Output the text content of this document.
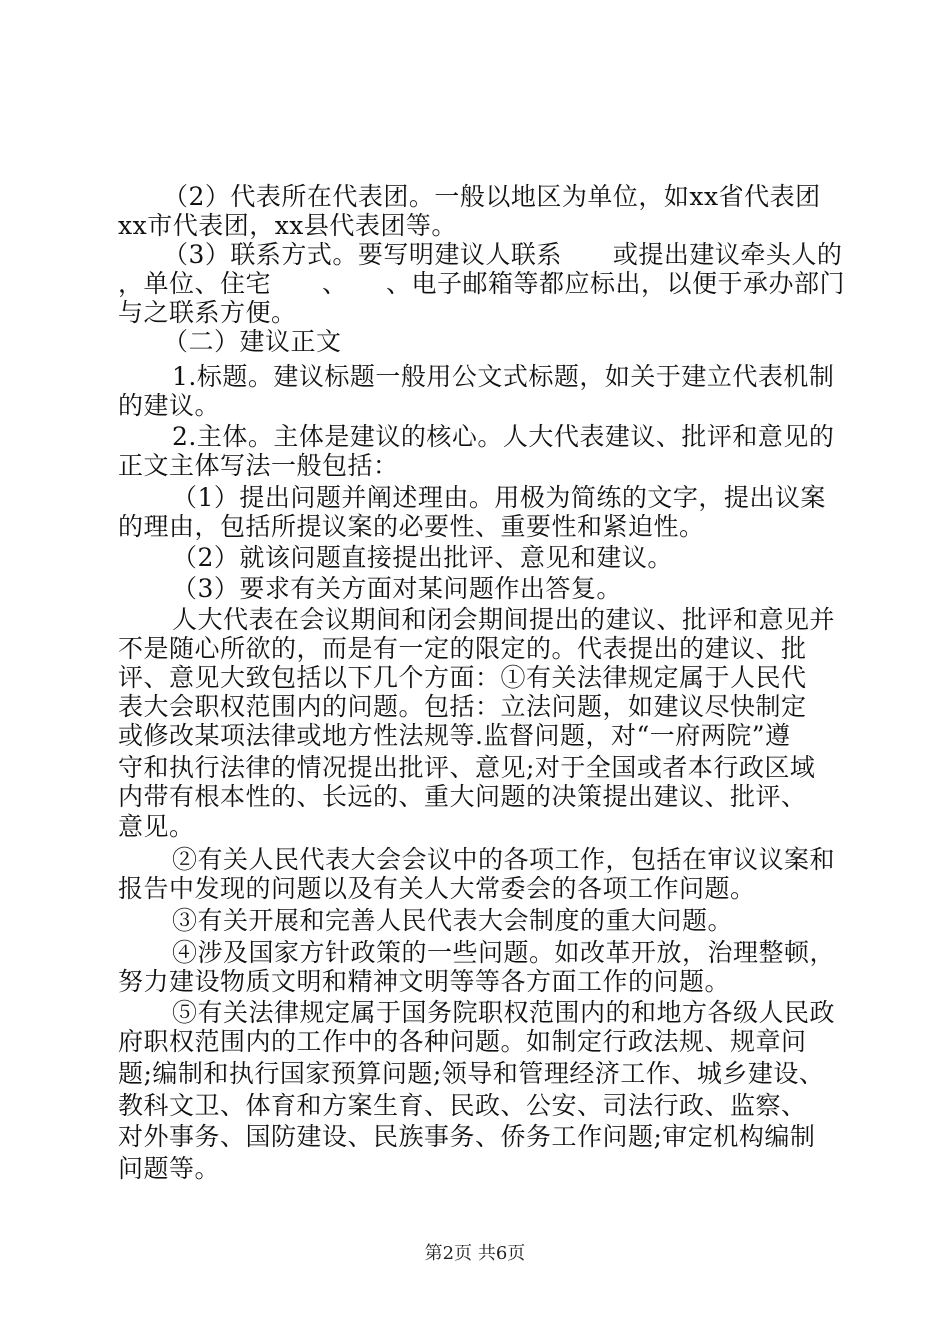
（2）代表所在代表团。一般以地区为单位，如xx省代表团
xx市代表团，xx县代表团等。
（3）联系方式。要写明建议人联系　　或提出建议牵头人的
，单位、住宅　　、　　、电子邮箱等都应标出，以便于承办部门
与之联系方便。
（二）建议正文
1.标题。建议标题一般用公文式标题，如关于建立代表机制
的建议。
2.主体。主体是建议的核心。人大代表建议、批评和意见的
正文主体写法一般包括：
（1）提出问题并阐述理由。用极为简练的文字，提出议案
的理由，包括所提议案的必要性、重要性和紧迫性。
（2）就该问题直接提出批评、意见和建议。
（3）要求有关方面对某问题作出答复。
人大代表在会议期间和闭会期间提出的建议、批评和意见并
不是随心所欲的，而是有一定的限定的。代表提出的建议、批
评、意见大致包括以下几个方面：①有关法律规定属于人民代
表大会职权范围内的问题。包括：立法问题，如建议尽快制定
或修改某项法律或地方性法规等.监督问题，对“一府两院”遵
守和执行法律的情况提出批评、意见;对于全国或者本行政区域
内带有根本性的、长远的、重大问题的决策提出建议、批评、
意见。
②有关人民代表大会会议中的各项工作，包括在审议议案和
报告中发现的问题以及有关人大常委会的各项工作问题。
③有关开展和完善人民代表大会制度的重大问题。
④涉及国家方针政策的一些问题。如改革开放，治理整顿，
努力建设物质文明和精神文明等等各方面工作的问题。
⑤有关法律规定属于国务院职权范围内的和地方各级人民政
府职权范围内的工作中的各种问题。如制定行政法规、规章问
题;编制和执行国家预算问题;领导和管理经济工作、城乡建设、
教科文卫、体育和方案生育、民政、公安、司法行政、监察、
对外事务、国防建设、民族事务、侨务工作问题;审定机构编制
问题等。
第2页 共6页
